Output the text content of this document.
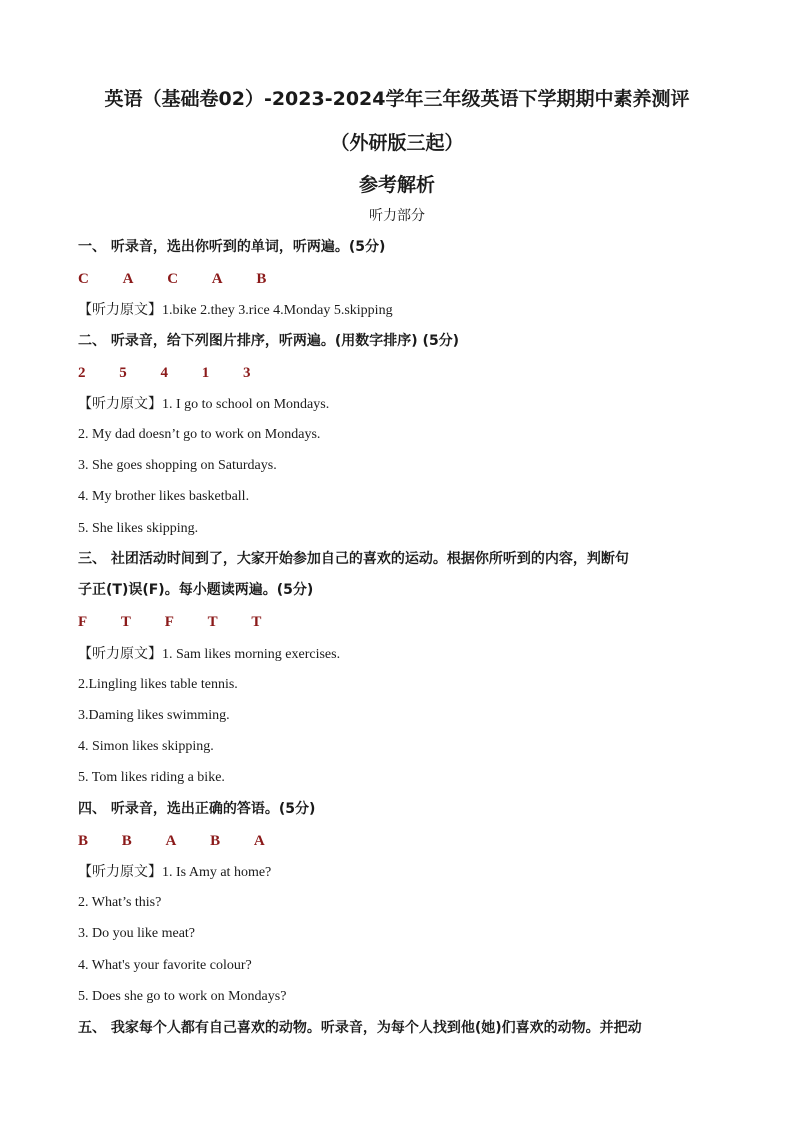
英语（基础卷02）-2023-2024学年三年级英语下学期期中素养测评
（外研版三起）
参考解析
听力部分
一、 听录音，选出你听到的单词，听两遍。(5分)
C A C A B
【听力原文】1.bike 2.they 3.rice 4.Monday 5.skipping
二、 听录音，给下列图片排序，听两遍。(用数字排序) (5分)
2 5 4 1 3
【听力原文】1. I go to school on Mondays.
2. My dad doesn’t go to work on Mondays.
3. She goes shopping on Saturdays.
4. My brother likes basketball.
5. She likes skipping.
三、 社团活动时间到了，大家开始参加自己的喜欢的运动。根据你所听到的内容，判断句
子正(T)误(F)。每小题读两遍。(5分)
F T F T T
【听力原文】1. Sam likes morning exercises.
2.Lingling likes table tennis.
3.Daming likes swimming.
4. Simon likes skipping.
5. Tom likes riding a bike.
四、 听录音，选出正确的答语。(5分)
B B A B A
【听力原文】1. Is Amy at home?
2. What’s this?
3. Do you like meat?
4. What's your favorite colour?
5. Does she go to work on Mondays?
五、 我家每个人都有自己喜欢的动物。听录音，为每个人找到他(她)们喜欢的动物。并把动
